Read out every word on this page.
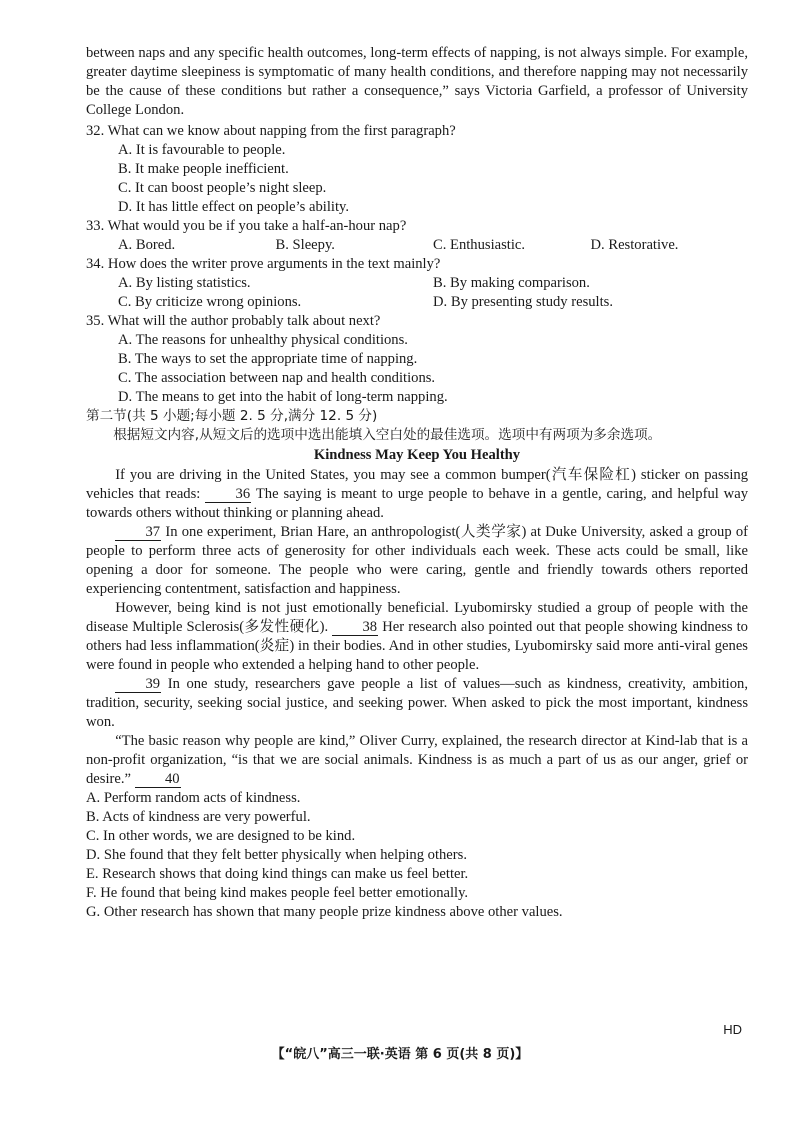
between naps and any specific health outcomes, long-term effects of napping, is not always simple. For example, greater daytime sleepiness is symptomatic of many health conditions, and therefore napping may not necessarily be the cause of these conditions but rather a consequence,” says Victoria Garfield, a professor of University College London.

32. What can we know about napping from the first paragraph?

A. It is favourable to people.

B. It make people inefficient.

C. It can boost people’s night sleep.

D. It has little effect on people’s ability.

33. What would you be if you take a half-an-hour nap?

A. Bored.	B. Sleepy.	C. Enthusiastic.	D. Restorative.

34. How does the writer prove arguments in the text mainly?

A. By listing statistics.	B. By making comparison.
C. By criticize wrong opinions.	D. By presenting study results.

35. What will the author probably talk about next?

A. The reasons for unhealthy physical conditions.

B. The ways to set the appropriate time of napping.

C. The association between nap and health conditions.

D. The means to get into the habit of long-term napping.

第二节(共 5 小题;每小题 2. 5 分,满分 12. 5 分)

根据短文内容,从短文后的选项中选出能填入空白处的最佳选项。选项中有两项为多余选项。

Kindness May Keep You Healthy

If you are driving in the United States, you may see a common bumper(汽车保险杠) sticker on passing vehicles that reads: 36 The saying is meant to urge people to behave in a gentle, caring, and helpful way towards others without thinking or planning ahead.

37 In one experiment, Brian Hare, an anthropologist(人类学家) at Duke University, asked a group of people to perform three acts of generosity for other individuals each week. These acts could be small, like opening a door for someone. The people who were caring, gentle and friendly towards others reported experiencing contentment, satisfaction and happiness.

However, being kind is not just emotionally beneficial. Lyubomirsky studied a group of people with the disease Multiple Sclerosis(多发性硬化). 38 Her research also pointed out that people showing kindness to others had less inflammation(炎症) in their bodies. And in other studies, Lyubomirsky said more anti-viral genes were found in people who extended a helping hand to other people.

39 In one study, researchers gave people a list of values—such as kindness, creativity, ambition, tradition, security, seeking social justice, and seeking power. When asked to pick the most important, kindness won.

“The basic reason why people are kind,” Oliver Curry, explained, the research director at Kind-lab that is a non-profit organization, “is that we are social animals. Kindness is as much a part of us as our anger, grief or desire.” 40

A. Perform random acts of kindness.

B. Acts of kindness are very powerful.

C. In other words, we are designed to be kind.

D. She found that they felt better physically when helping others.

E. Research shows that doing kind things can make us feel better.

F. He found that being kind makes people feel better emotionally.

G. Other research has shown that many people prize kindness above other values.

HD
【“皖八”高三一联·英语 第 6 页(共 8 页)】
